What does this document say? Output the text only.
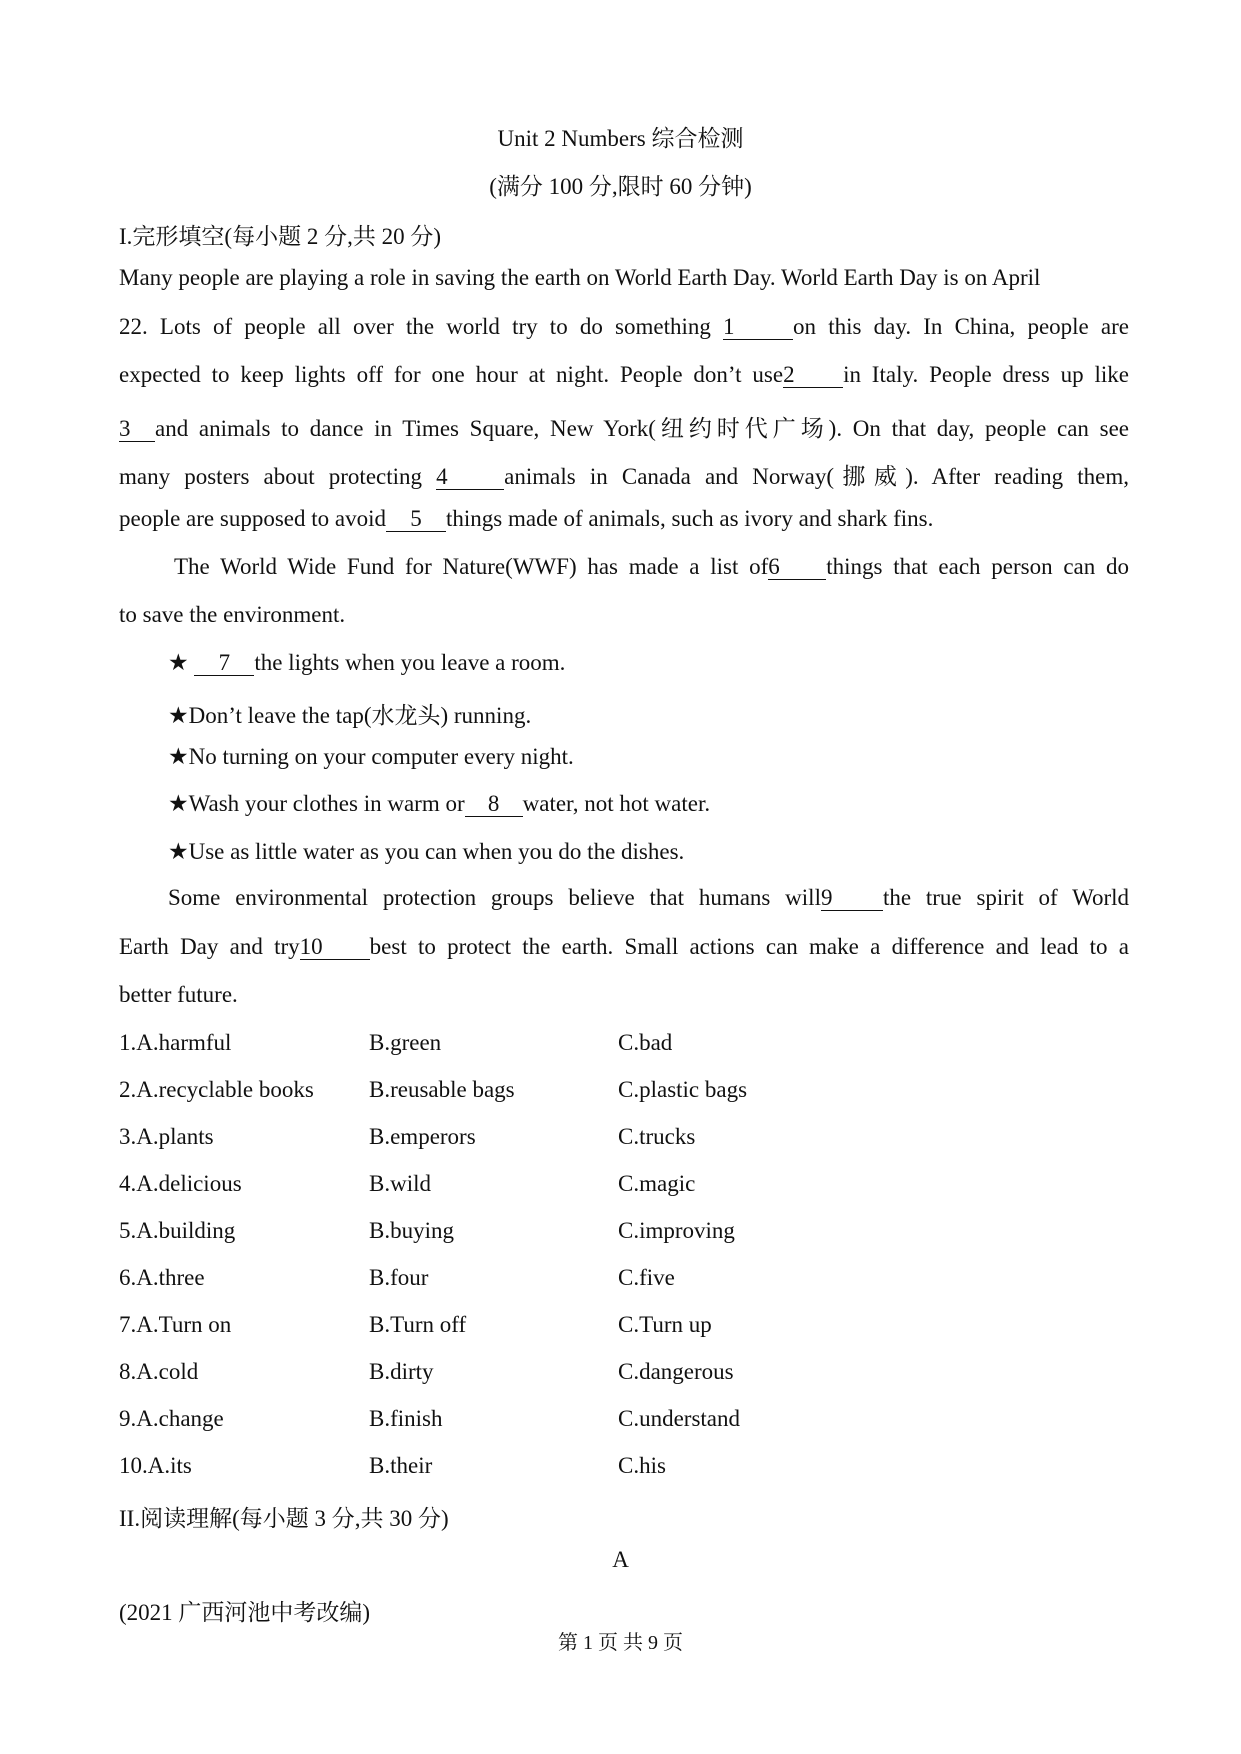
Unit 2 Numbers 综合检测
(满分 100 分,限时 60 分钟)
I.完形填空(每小题 2 分,共 20 分)
Many people are playing a role in saving the earth on World Earth Day. World Earth Day is on April
22. Lots of people all over the world try to do something 1	on this day. In China, people are
expected to keep lights off for one hour at night. People don’t use2 in Italy. People dress up like
3 and animals to dance in Times Square, New York(纽约时代广场). On that day, people can see
many posters about protecting 4 animals in Canada and Norway(挪威). After reading them,
people are supposed to avoid 5 things made of animals, such as ivory and shark fins.
The World Wide Fund for Nature(WWF) has made a list of6 things that each person can do
to save the environment.
★ 7 the lights when you leave a room.
★Don’t leave the tap(水龙头) running.
★No turning on your computer every night.
★Wash your clothes in warm or 8 water, not hot water.
★Use as little water as you can when you do the dishes.
Some environmental protection groups believe that humans will9 the true spirit of World
Earth Day and try10 best to protect the earth. Small actions can make a difference and lead to a
better future.
1.A.harmful	B.green	C.bad
2.A.recyclable books B.reusable bags	C.plastic bags
3.A.plants	B.emperors	C.trucks
4.A.delicious	B.wild	C.magic
5.A.building	B.buying	C.improving
6.A.three	B.four	C.five
7.A.Turn on	B.Turn off	C.Turn up
8.A.cold	B.dirty	C.dangerous
9.A.change	B.finish	C.understand
10.A.its	B.their	C.his
II.阅读理解(每小题 3 分,共 30 分)
A
(2021 广西河池中考改编)
第 1 页 共 9 页
